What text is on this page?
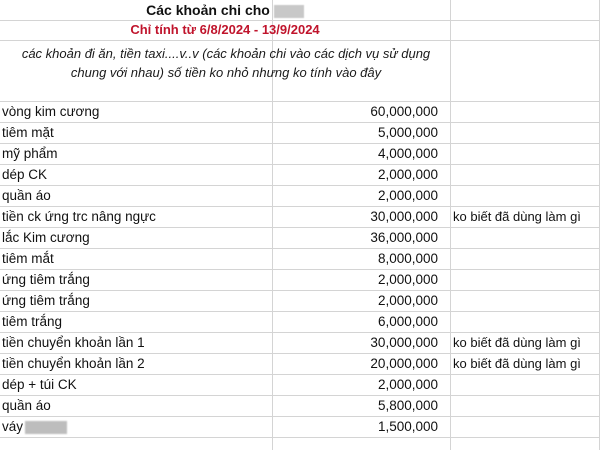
Các khoản chi cho
Chỉ tính từ 6/8/2024 - 13/9/2024
các khoản đi ăn, tiền taxi....v..v (các khoản chi vào các dịch vụ sử dụng chung với nhau) số tiền ko nhỏ nhưng ko tính vào đây
vòng kim cương	60,000,000
tiêm mặt	5,000,000
mỹ phẩm	4,000,000
dép CK	2,000,000
quần áo	2,000,000
tiền ck ứng trc nâng ngực	30,000,000 ko biết đã dùng làm gì
lắc Kim cương	36,000,000
tiêm mắt	8,000,000
ứng tiêm trắng	2,000,000
ứng tiêm trắng	2,000,000
tiêm trắng	6,000,000
tiền chuyển khoản lần 1	30,000,000 ko biết đã dùng làm gì
tiền chuyển khoản lần 2	20,000,000 ko biết đã dùng làm gì
dép + túi CK	2,000,000
quần áo	5,800,000
váy	1,500,000
